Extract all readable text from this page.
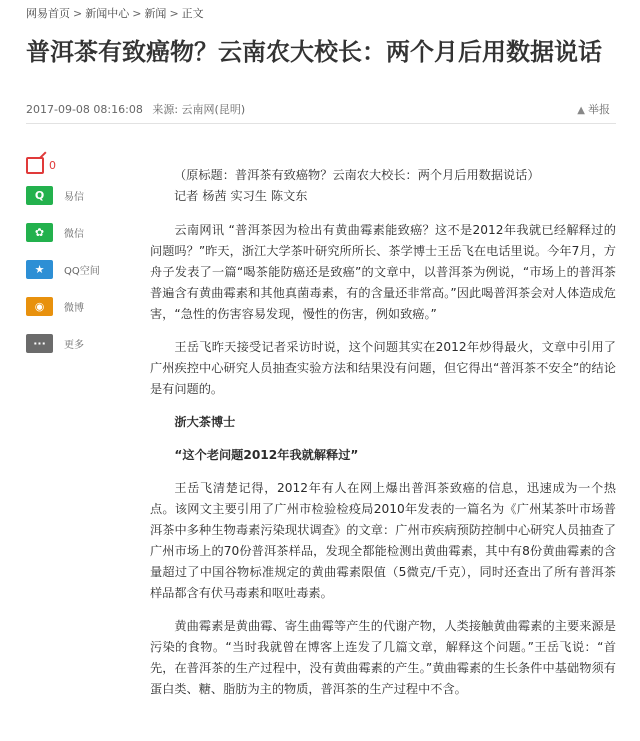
网易首页 > 新闻中心 > 新闻 > 正文
普洱茶有致癌物？云南农大校长：两个月后用数据说话
2017-09-08 08:16:08 来源: 云南网(昆明)	▲ 举报
0
Q	易信
✿	微信
★	QQ空间
◉	微博
···	更多

（原标题：普洱茶有致癌物？云南农大校长：两个月后用数据说话）
记者 杨茜 实习生 陈文东

云南网讯 “普洱茶因为检出有黄曲霉素能致癌？这不是2012年我就已经解释过的问题吗？”昨天，浙江大学茶叶研究所所长、茶学博士王岳飞在电话里说。今年7月，方舟子发表了一篇“喝茶能防癌还是致癌”的文章中，以普洱茶为例说，“市场上的普洱茶普遍含有黄曲霉素和其他真菌毒素，有的含量还非常高。”因此喝普洱茶会对人体造成危害，“急性的伤害容易发现，慢性的伤害，例如致癌。”

王岳飞昨天接受记者采访时说，这个问题其实在2012年炒得最火，文章中引用了广州疾控中心研究人员抽查实验方法和结果没有问题，但它得出“普洱茶不安全”的结论是有问题的。

浙大茶博士
“这个老问题2012年我就解释过”

王岳飞清楚记得，2012年有人在网上爆出普洱茶致癌的信息，迅速成为一个热点。该网文主要引用了广州市检验检疫局2010年发表的一篇名为《广州某茶叶市场普洱茶中多种生物毒素污染现状调查》的文章：广州市疾病预防控制中心研究人员抽查了广州市场上的70份普洱茶样品，发现全都能检测出黄曲霉素，其中有8份黄曲霉素的含量超过了中国谷物标准规定的黄曲霉素限值（5微克/千克），同时还查出了所有普洱茶样品都含有伏马毒素和呕吐毒素。

黄曲霉素是黄曲霉、寄生曲霉等产生的代谢产物，人类接触黄曲霉素的主要来源是污染的食物。“当时我就曾在博客上连发了几篇文章，解释这个问题。”王岳飞说：“首先，在普洱茶的生产过程中，没有黄曲霉素的产生。”黄曲霉素的生长条件中基础物须有蛋白类、糖、脂肪为主的物质，普洱茶的生产过程中不含。
